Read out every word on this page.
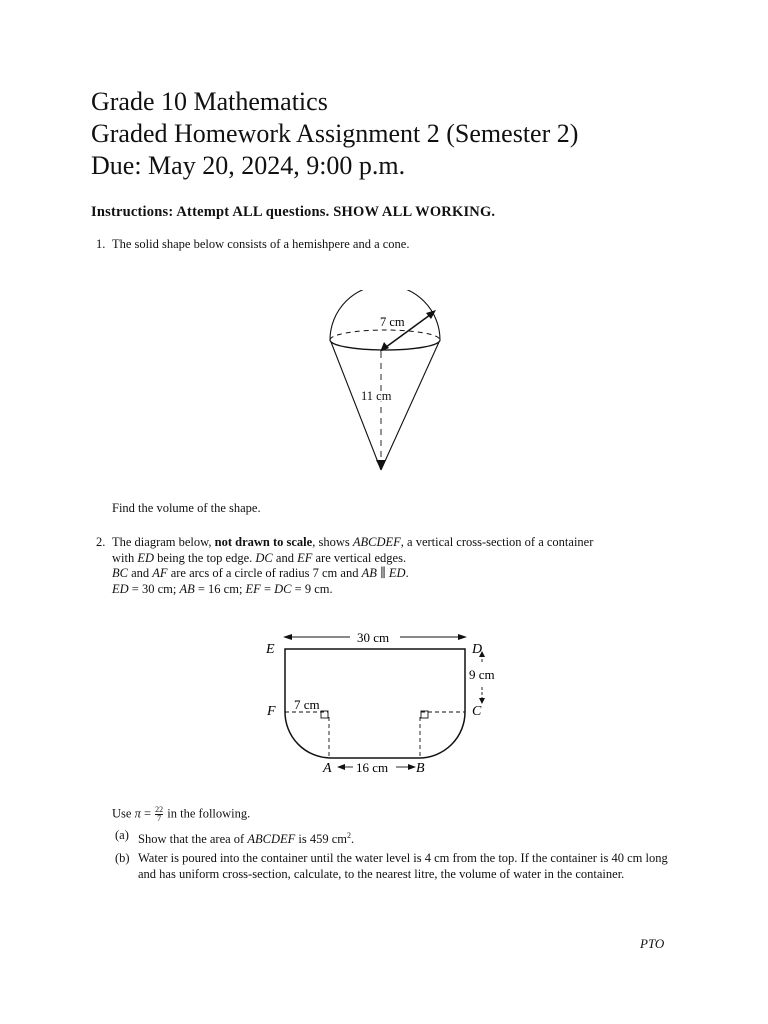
Grade 10 Mathematics
Graded Homework Assignment 2 (Semester 2)
Due: May 20, 2024, 9:00 p.m.
Instructions: Attempt ALL questions. SHOW ALL WORKING.
1. The solid shape below consists of a hemishpere and a cone.
7 cm
11 cm
Find the volume of the shape.
2. The diagram below, not drawn to scale, shows ABCDEF, a vertical cross-section of a container
with ED being the top edge. DC and EF are vertical edges.
BC and AF are arcs of a circle of radius 7 cm and AB ∥ ED.
ED = 30 cm; AB = 16 cm; EF = DC = 9 cm.
30 cm
9 cm
7 cm
16 cm
E	D
F	C
A	B
Use $\pi = \frac{22}{7}$ in the following.
(a) Show that the area of ABCDEF is 459 $cm^2$.
(b) Water is poured into the container until the water level is 4 cm from the top. If the container is 40 cm long and has uniform cross-section, calculate, to the nearest litre, the volume of water in the container.
PTO
